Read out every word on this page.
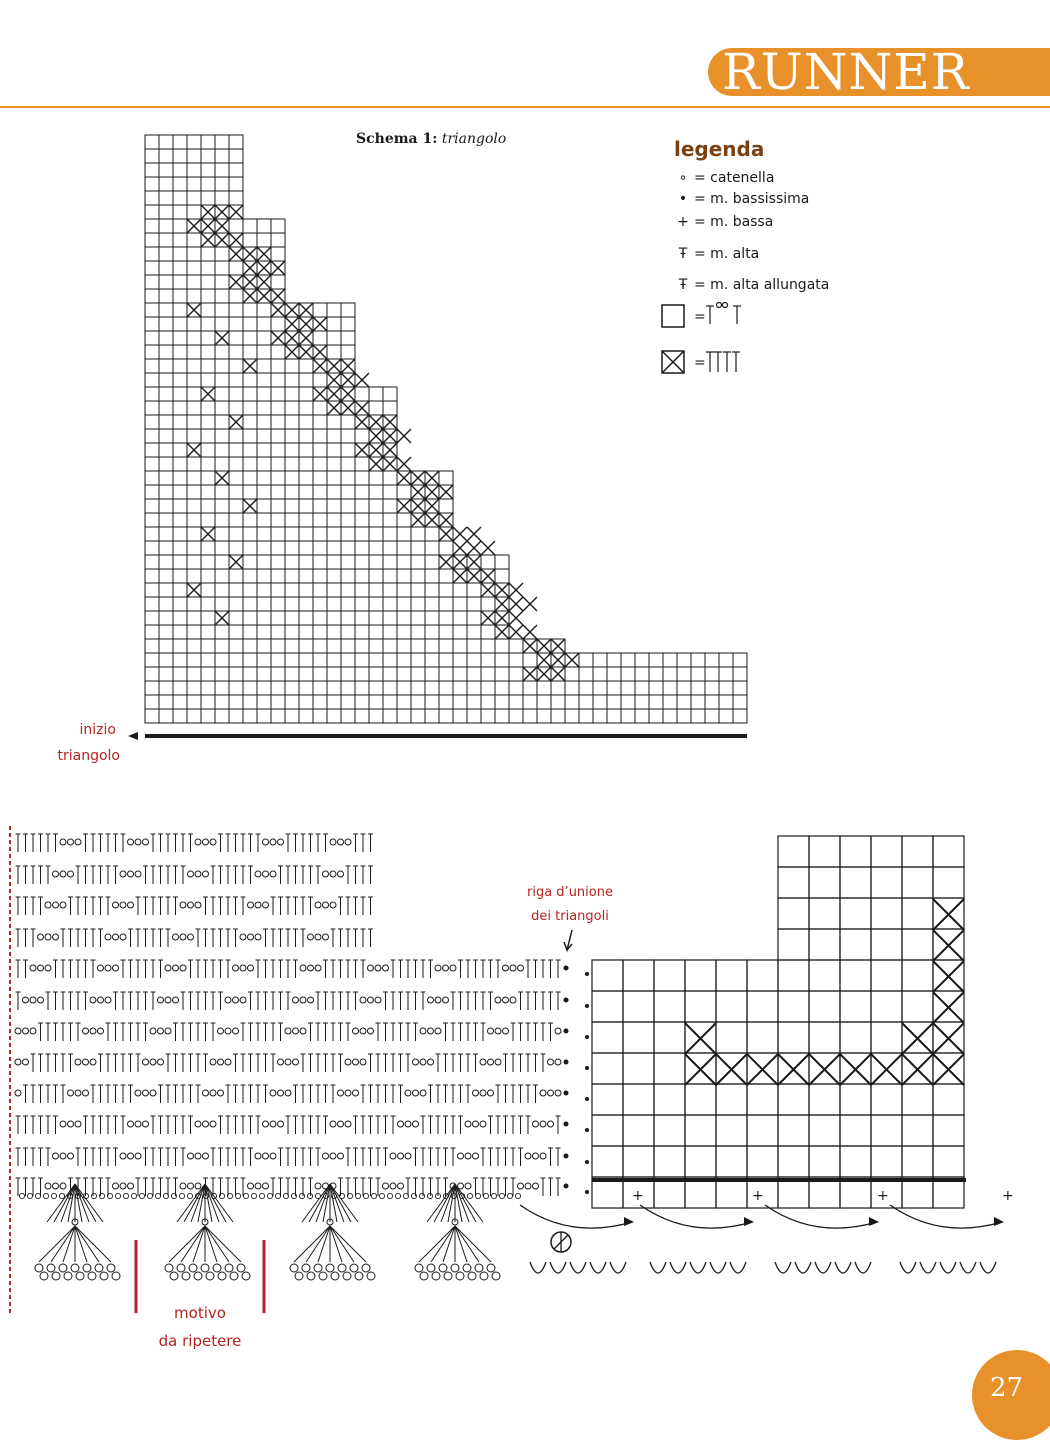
RUNNER
Schema 1: triangolo	legenda
∘ = catenella
• = m. bassissima
+ = m. bassa
Ŧ = m. alta
Ŧ = m. alta allungata
=
=
inizio
triangolo
riga d’unione
dei triangoli
motivo
da ripetere
27
+	+	+	+
